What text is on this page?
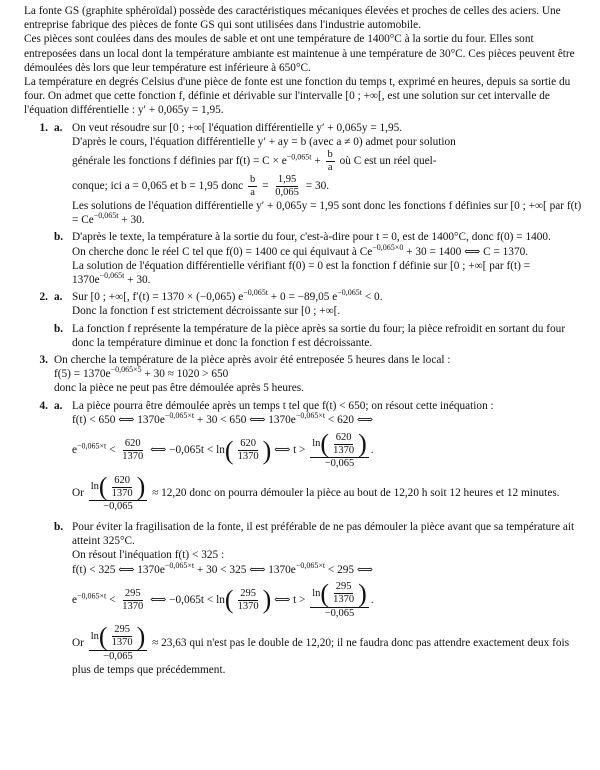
La fonte GS (graphite sphéroïdal) possède des caractéristiques mécaniques élevées et proches de celles des aciers. Une entreprise fabrique des pièces de fonte GS qui sont utilisées dans l'industrie automobile.

Ces pièces sont coulées dans des moules de sable et ont une température de 1400°C à la sortie du four. Elles sont entreposées dans un local dont la température ambiante est maintenue à une température de 30°C. Ces pièces peuvent être démoulées dès lors que leur température est inférieure à 650°C.

La température en degrés Celsius d'une pièce de fonte est une fonction du temps t, exprimé en heures, depuis sa sortie du four. On admet que cette fonction f, définie et dérivable sur l'intervalle [0 ; +∞[, est une solution sur cet intervalle de l'équation différentielle : y′ + 0,065y = 1,95.

1. a. On veut résoudre sur [0 ; +∞[ l'équation différentielle y′ + 0,065y = 1,95.

D'après le cours, l'équation différentielle y′ + ay = b (avec a ≠ 0) admet pour solution

générale les fonctions f définies par $f(t) = C \times e^{-0,065t} + \frac{b}{a}$ où C est un réel quel-

conque; ici a = 0,065 et b = 1,95 donc $\frac{b}{a} = \frac{1,95}{0,065} = 30$.

Les solutions de l'équation différentielle y′ + 0,065y = 1,95 sont donc les fonctions f définies sur [0 ; +∞[ par $f(t) = Ce^{-0,065t} + 30$.

b. D'après le texte, la température à la sortie du four, c'est-à-dire pour t = 0, est de 1400°C, donc f(0) = 1400.

On cherche donc le réel C tel que f(0) = 1400 ce qui équivaut à $Ce^{-0,065\times 0} + 30 = 1400$ ⟺ C = 1370.

La solution de l'équation différentielle vérifiant f(0) = 0 est la fonction f définie sur [0 ; +∞[ par $f(t) = 1370e^{-0,065t} + 30$.

2. a. Sur [0 ; +∞[, f′(t) = 1370 × (−0,065) $e^{-0,065t} + 0 = -89,05$ $e^{-0,065t} < 0$.

Donc la fonction f est strictement décroissante sur [0 ; +∞[.

b. La fonction f représente la température de la pièce après sa sortie du four; la pièce refroidit en sortant du four donc la température diminue et donc la fonction f est décroissante.

3. On cherche la température de la pièce après avoir été entreposée 5 heures dans le local :

$f(5) = 1370e^{-0,065\times 5} + 30 \approx 1020 > 650$

donc la pièce ne peut pas être démoulée après 5 heures.

4. a. La pièce pourra être démoulée après un temps t tel que f(t) < 650; on résout cette inéquation :

f(t) < 650 ⟺ $1370e^{-0,065\times t} + 30 < 650$ ⟺ $1370e^{-0,065\times t} < 620$ ⟺

$e^{-0,065\times t} < \frac{620}{1370}$ ⟺ −0,065t < ln ( $\frac{620}{1370}$ ) ⟺ $t > \frac{\ln ( \frac{620}{1370} )}{-0,065}$ .

Or $\frac{\ln ( \frac{620}{1370} )}{-0,065} \approx 12,20$ donc on pourra démouler la pièce au bout de 12,20 h soit 12 heures et 12 minutes.

b. Pour éviter la fragilisation de la fonte, il est préférable de ne pas démouler la pièce avant que sa température ait atteint 325°C.

On résout l'inéquation f(t) < 325 :

f(t) < 325 ⟺ $1370e^{-0,065\times t} + 30 < 325$ ⟺ $1370e^{-0,065\times t} < 295$ ⟺

$e^{-0,065\times t} < \frac{295}{1370}$ ⟺ −0,065t < ln ( $\frac{295}{1370}$ ) ⟺ $t > \frac{\ln ( \frac{295}{1370} )}{-0,065}$ .

Or $\frac{\ln ( \frac{295}{1370} )}{-0,065} \approx 23,63$ qui n'est pas le double de 12,20; il ne faudra donc pas attendre exactement deux fois plus de temps que précédemment.
